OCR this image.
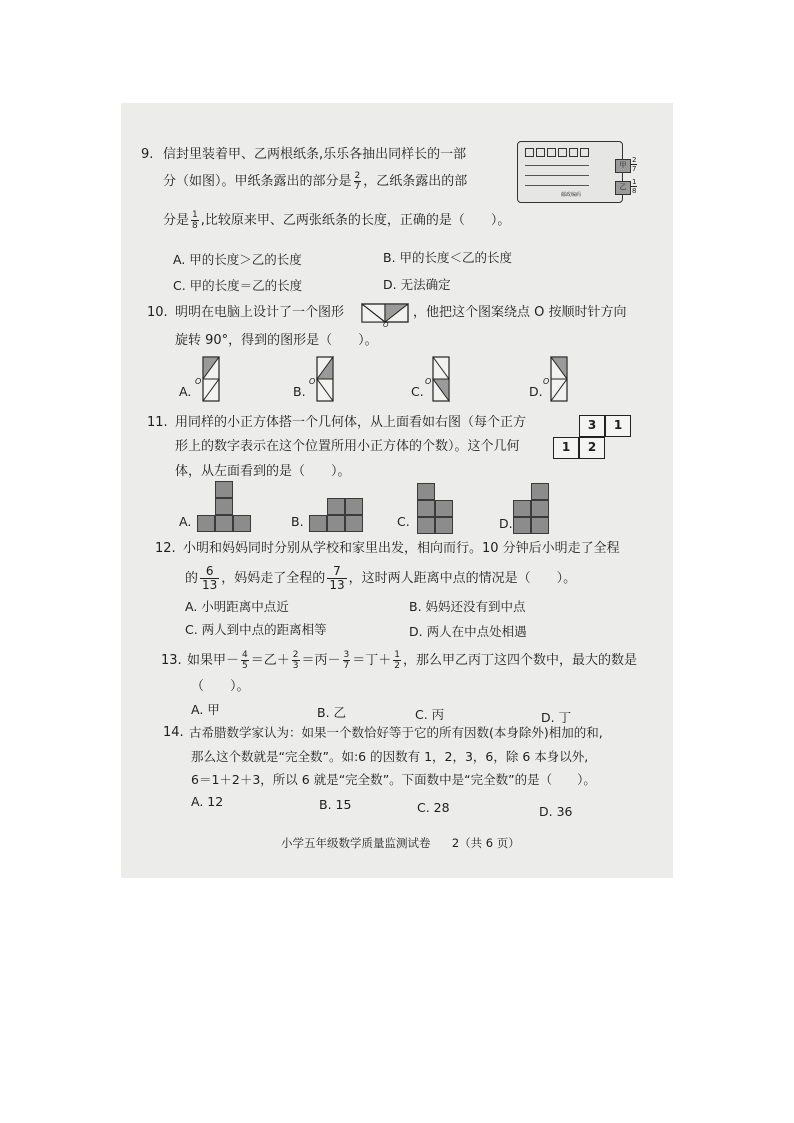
9. 信封里装着甲、乙两根纸条,乐乐各抽出同样长的一部
分（如图）。甲纸条露出的部分是 $\frac{2}{7}$ ，乙纸条露出的部
分是 $\frac{1}{8}$ ,比较原来甲、乙两张纸条的长度，正确的是（　　）。
邮政编码
甲
乙
$\frac{2}{7}$
$\frac{1}{8}$
A. 甲的长度＞乙的长度	B. 甲的长度＜乙的长度
C. 甲的长度＝乙的长度	D. 无法确定
10. 明明在电脑上设计了一个图形
O
，他把这个图案绕点 O 按顺时针方向
旋转 90°，得到的图形是（　　）。
A.
O
B.
O
C.
O
D.
O
11. 用同样的小正方体搭一个几何体，从上面看如右图（每个正方
形上的数字表示在这个位置所用小正方体的个数）。这个几何
体，从左面看到的是（　　）。
3	1
1	2
A.	B.	C.	D.
12. 小明和妈妈同时分别从学校和家里出发，相向而行。10 分钟后小明走了全程
的 $\frac{6}{13}$ ，妈妈走了全程的 $\frac{7}{13}$ ，这时两人距离中点的情况是（　　）。
A. 小明距离中点近	B. 妈妈还没有到中点
C. 两人到中点的距离相等	D. 两人在中点处相遇
13. 如果甲－ $\frac{4}{5}$ ＝乙＋ $\frac{2}{3}$ ＝丙－ $\frac{3}{7}$ ＝丁＋ $\frac{1}{2}$ ，那么甲乙丙丁这四个数中，最大的数是
（　　）。
A. 甲	B. 乙	C. 丙	D. 丁
14. 古希腊数学家认为：如果一个数恰好等于它的所有因数(本身除外)相加的和,
那么这个数就是“完全数”。如:6 的因数有 1，2，3，6，除 6 本身以外,
6＝1＋2＋3，所以 6 就是“完全数”。下面数中是“完全数”的是（　　）。
A. 12	B. 15	C. 28	D. 36
小学五年级数学质量监测试卷 2（共 6 页）
